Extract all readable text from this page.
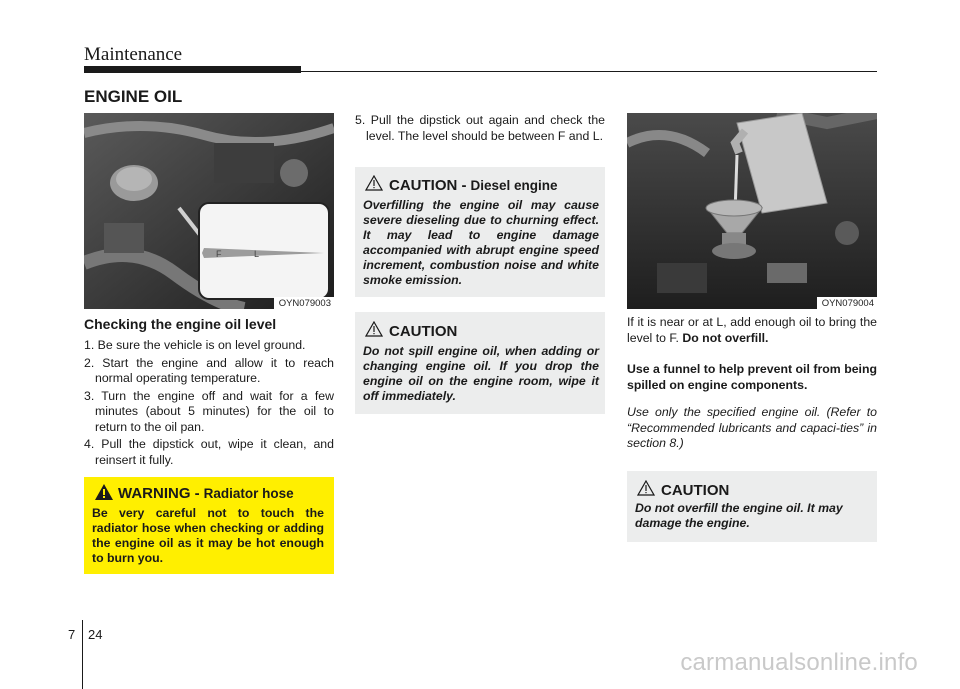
Maintenance
ENGINE OIL
F	L
OYN079003
Checking the engine oil level
1. Be sure the vehicle is on level ground.
2. Start the engine and allow it to reach normal operating temperature.
3. Turn the engine off and wait for a few minutes (about 5 minutes) for the oil to return to the oil pan.
4. Pull the dipstick out, wipe it clean, and reinsert it fully.
WARNING - Radiator hose
Be very careful not to touch the radiator hose when checking or adding the engine oil as it may be hot enough to burn you.
5. Pull the dipstick out again and check the level. The level should be between F and L.
CAUTION - Diesel engine
Overfilling the engine oil may cause severe dieseling due to churning effect. It may lead to engine damage accompanied with abrupt engine speed increment, combustion noise and white smoke emission.
CAUTION
Do not spill engine oil, when adding or changing engine oil. If you drop the engine oil on the engine room, wipe it off immediately.
OYN079004
If it is near or at L, add enough oil to bring the level to F. Do not overfill.
Use a funnel to help prevent oil from being spilled on engine components.
Use only the specified engine oil. (Refer to “Recommended lubricants and capaci-ties” in section 8.)
CAUTION
Do not overfill the engine oil. It may damage the engine.
7 24
carmanualsonline.info
